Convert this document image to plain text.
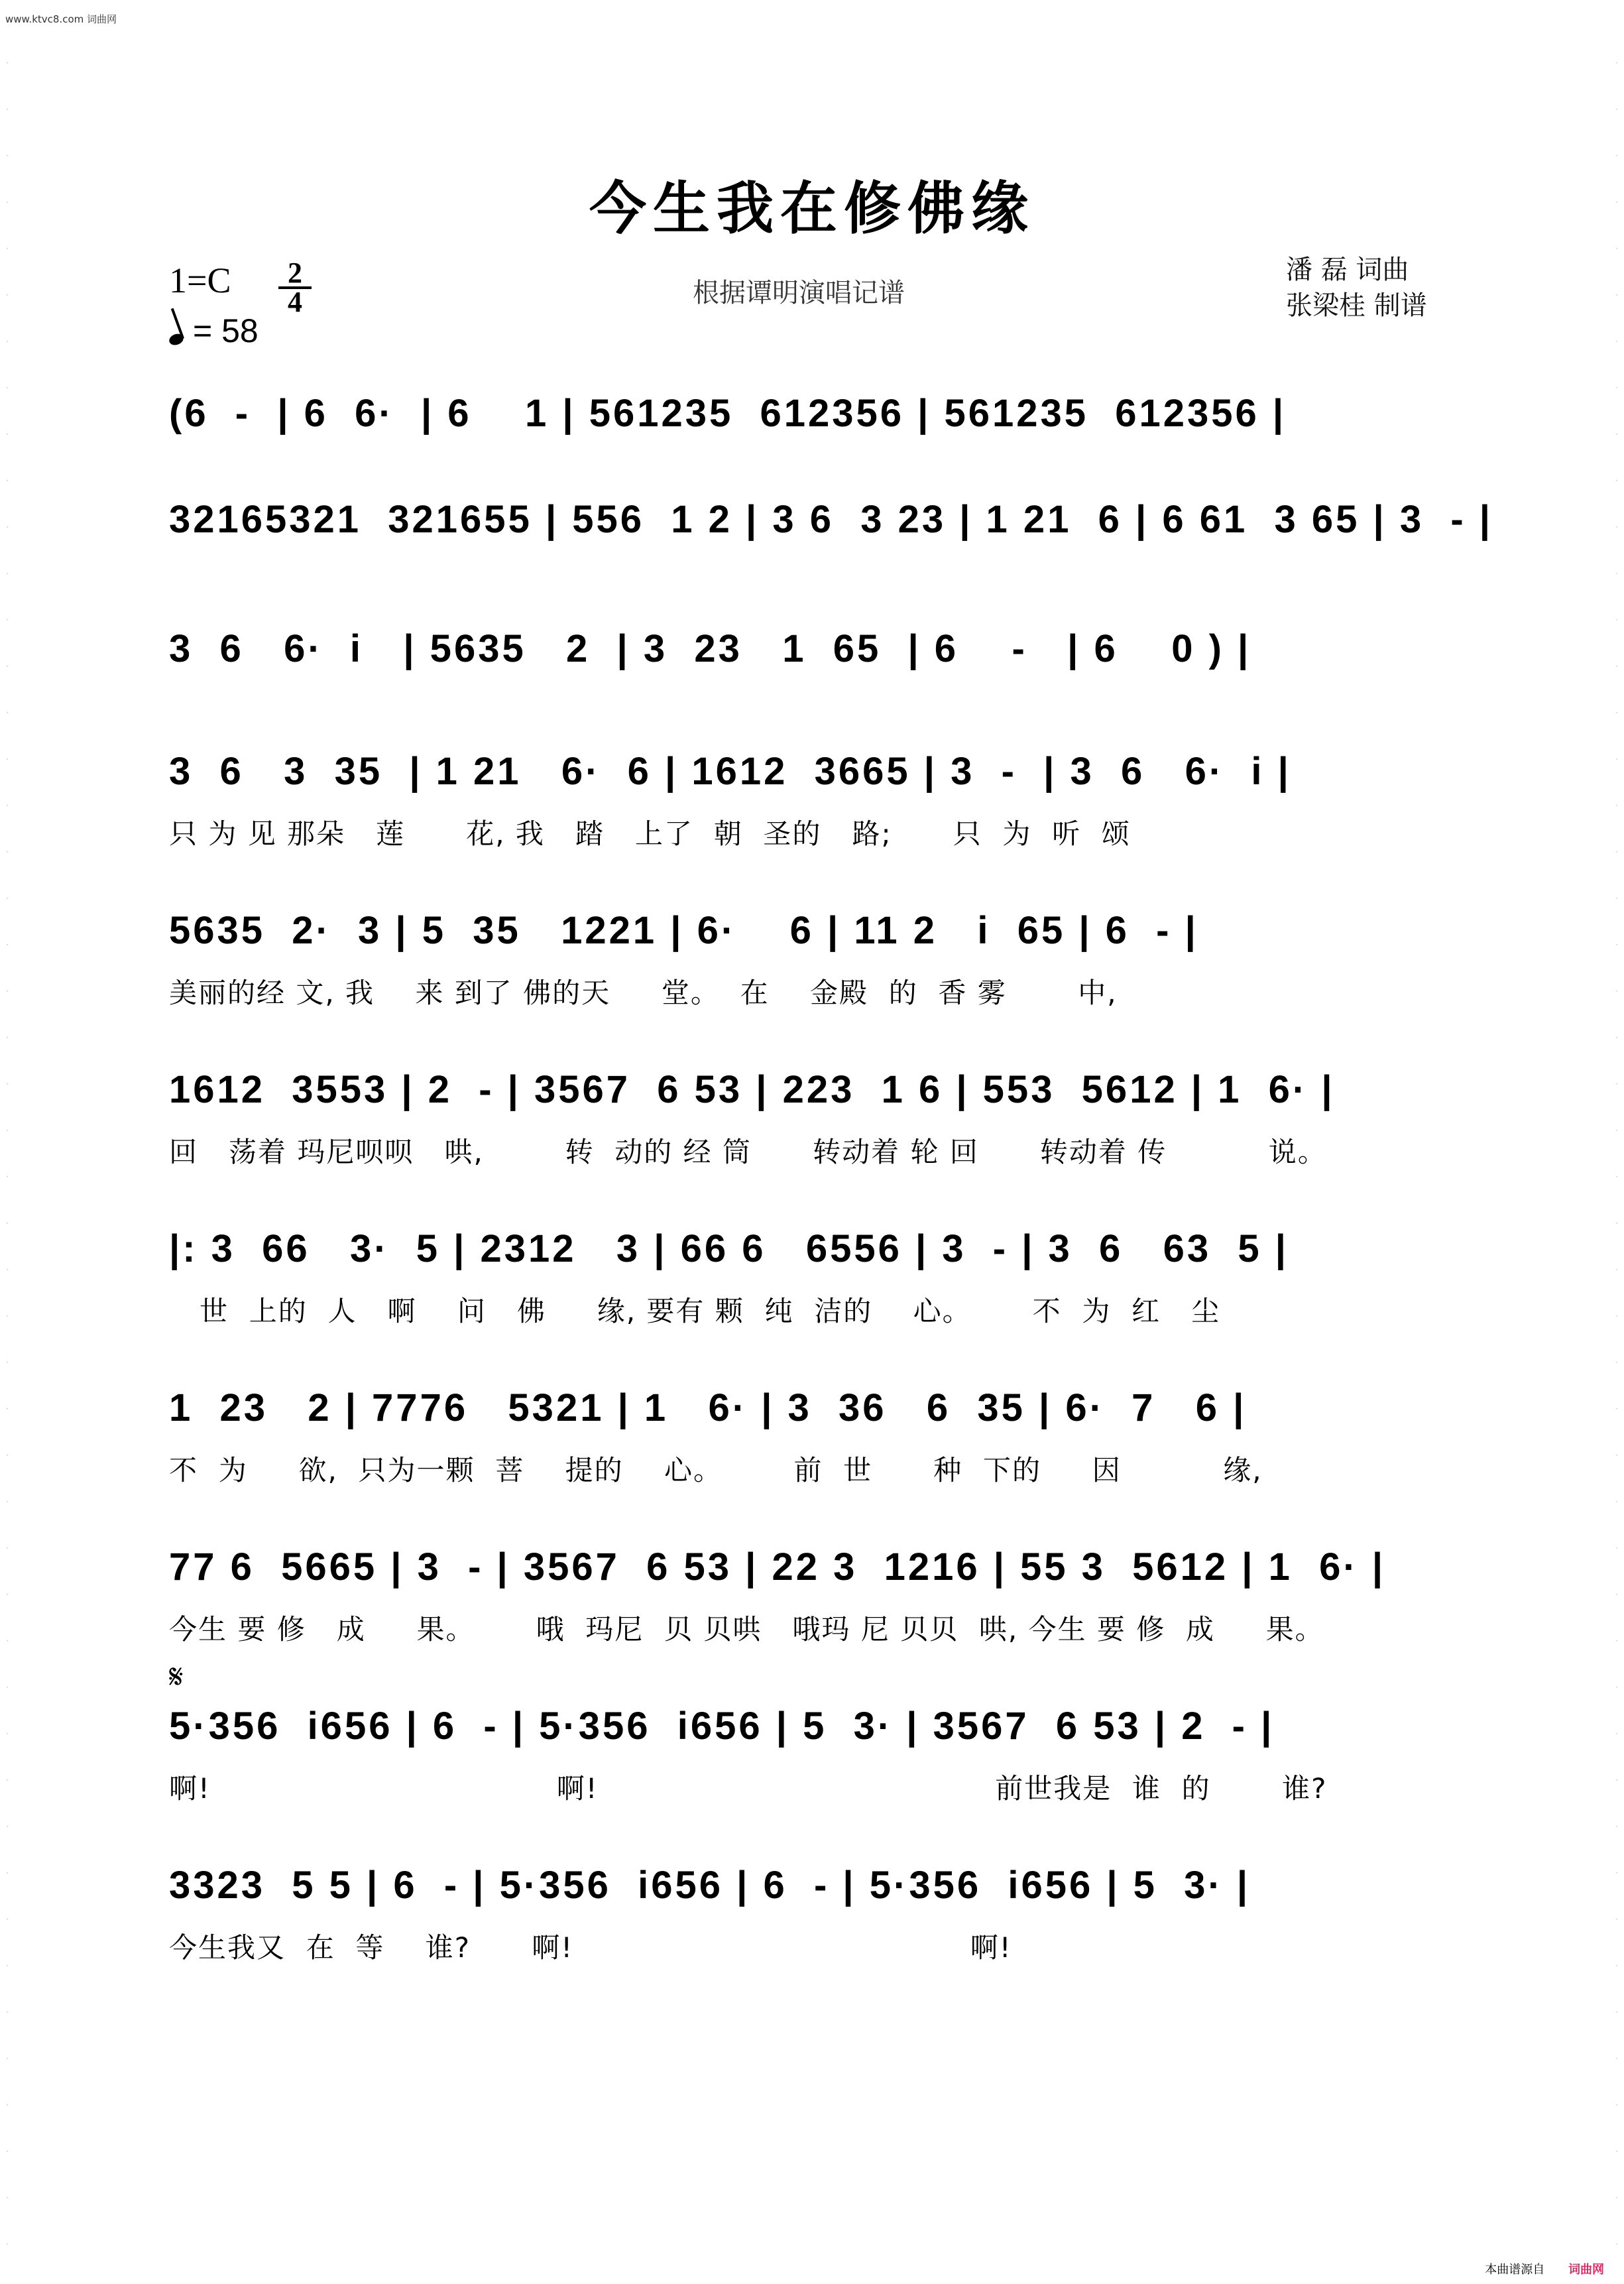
www.ktvc8.com 词曲网
·
·
·
·
·
·
·
·
·
·
·
·
·
·
·
·
·
·
·
·
·
·
·
·
·
·
·
·
·
·
·
·
·
·
·
·
·
·
·
·
·
·
·
·
·
·
·
·
·
·
·
·
·
·
·
·
·
·
·
·
·
·
·
·
·
·
·
·
·
·
·
·
·
·
·
·
·
·
·
·
·
·
·
·
·
·
·
·
·
·
·
·
·
·
·
·
今生我在修佛缘
1=C	2
4
= 58
根据谭明演唱记谱
潘 磊 词曲
张梁桂 制谱
𝄋
(6  -  | 6  6·  | 6    1 | 561235  612356 | 561235  612356 |
32165321  321655 | 556  1 2 | 3 6  3 23 | 1 21  6 | 6 61  3 65 | 3  - |
3  6   6·  i   | 5635   2  | 3  23   1  65  | 6    -   | 6    0 ) |
3  6   3  35  | 1 21   6·  6 | 1612  3665 | 3  -  | 3  6   6·  i |
只 为 见 那朵   莲      花, 我   踏   上了  朝  圣的   路;      只  为  听  颂
5635  2·  3 | 5  35   1221 | 6·    6 | 11 2   i  65 | 6  - |
美丽的经 文, 我    来 到了 佛的天     堂。  在    金殿  的  香 雾       中,
1612  3553 | 2  - | 3567  6 53 | 223  1 6 | 553  5612 | 1  6· |
回   荡着 玛尼呗呗   哄,        转  动的 经 筒      转动着 轮 回      转动着 传          说。
|: 3  66   3·  5 | 2312   3 | 66 6   6556 | 3  - | 3  6   63  5 |
世  上的  人   啊    问   佛     缘, 要有 颗  纯  洁的    心。      不  为  红   尘
1  23   2 | 7776   5321 | 1   6· | 3  36   6  35 | 6·  7   6 |
不  为     欲,  只为一颗  菩    提的    心。       前  世      种  下的     因          缘,
77 6  5665 | 3  - | 3567  6 53 | 22 3  1216 | 55 3  5612 | 1  6· |
今生 要 修   成     果。      哦  玛尼  贝 贝哄   哦玛 尼 贝贝  哄, 今生 要 修  成     果。
5·356  i656 | 6  - | 5·356  i656 | 5  3· | 3567  6 53 | 2  - |
啊!                                  啊!                                       前世我是  谁  的       谁?
3323  5 5 | 6  - | 5·356  i656 | 6  - | 5·356  i656 | 5  3· |
今生我又  在  等    谁?      啊!                                       啊!
本曲谱源自 词曲网
